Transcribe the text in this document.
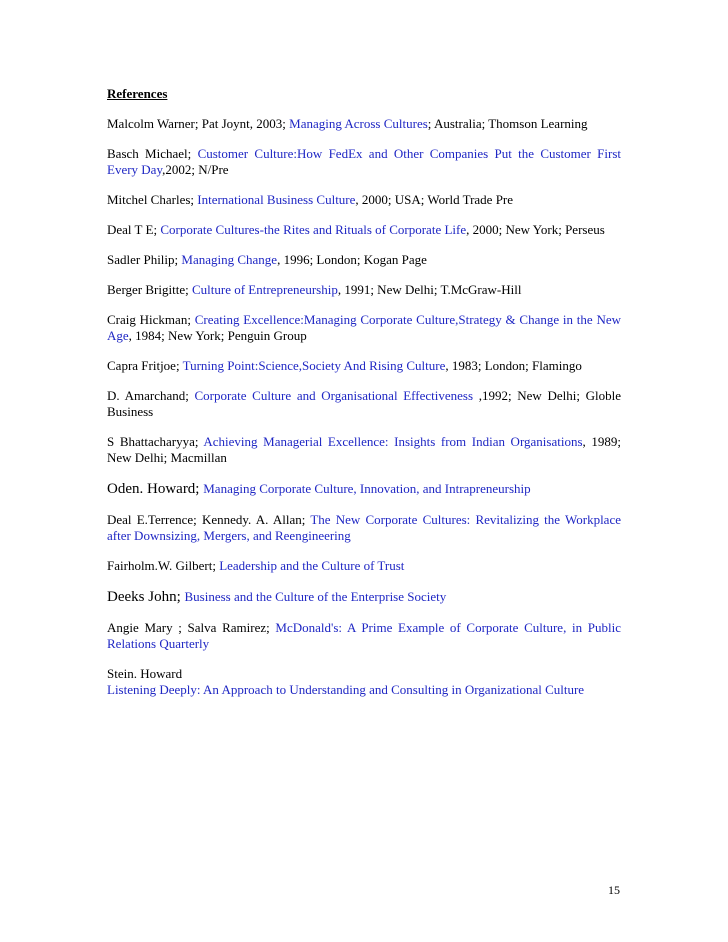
References
Malcolm Warner; Pat Joynt, 2003; Managing Across Cultures; Australia; Thomson Learning
Basch Michael; Customer Culture:How FedEx and Other Companies Put the Customer First Every Day,2002; N/Pre
Mitchel Charles; International Business Culture, 2000; USA; World Trade Pre
Deal T E; Corporate Cultures-the Rites and Rituals of Corporate Life, 2000; New York; Perseus
Sadler Philip; Managing Change, 1996; London; Kogan Page
Berger Brigitte; Culture of Entrepreneurship, 1991; New Delhi; T.McGraw-Hill
Craig Hickman; Creating Excellence:Managing Corporate Culture,Strategy & Change in the New Age, 1984; New York; Penguin Group
Capra Fritjoe; Turning Point:Science,Society And Rising Culture, 1983; London; Flamingo
D. Amarchand; Corporate Culture and Organisational Effectiveness ,1992; New Delhi; Globle Business
S Bhattacharyya; Achieving Managerial Excellence: Insights from Indian Organisations, 1989; New Delhi; Macmillan
Oden. Howard; Managing Corporate Culture, Innovation, and Intrapreneurship
Deal E.Terrence; Kennedy. A. Allan; The New Corporate Cultures: Revitalizing the Workplace after Downsizing, Mergers, and Reengineering
Fairholm.W. Gilbert; Leadership and the Culture of Trust
Deeks John; Business and the Culture of the Enterprise Society
Angie Mary ; Salva Ramirez; McDonald's: A Prime Example of Corporate Culture, in Public Relations Quarterly
Stein. Howard
Listening Deeply: An Approach to Understanding and Consulting in Organizational Culture
15
